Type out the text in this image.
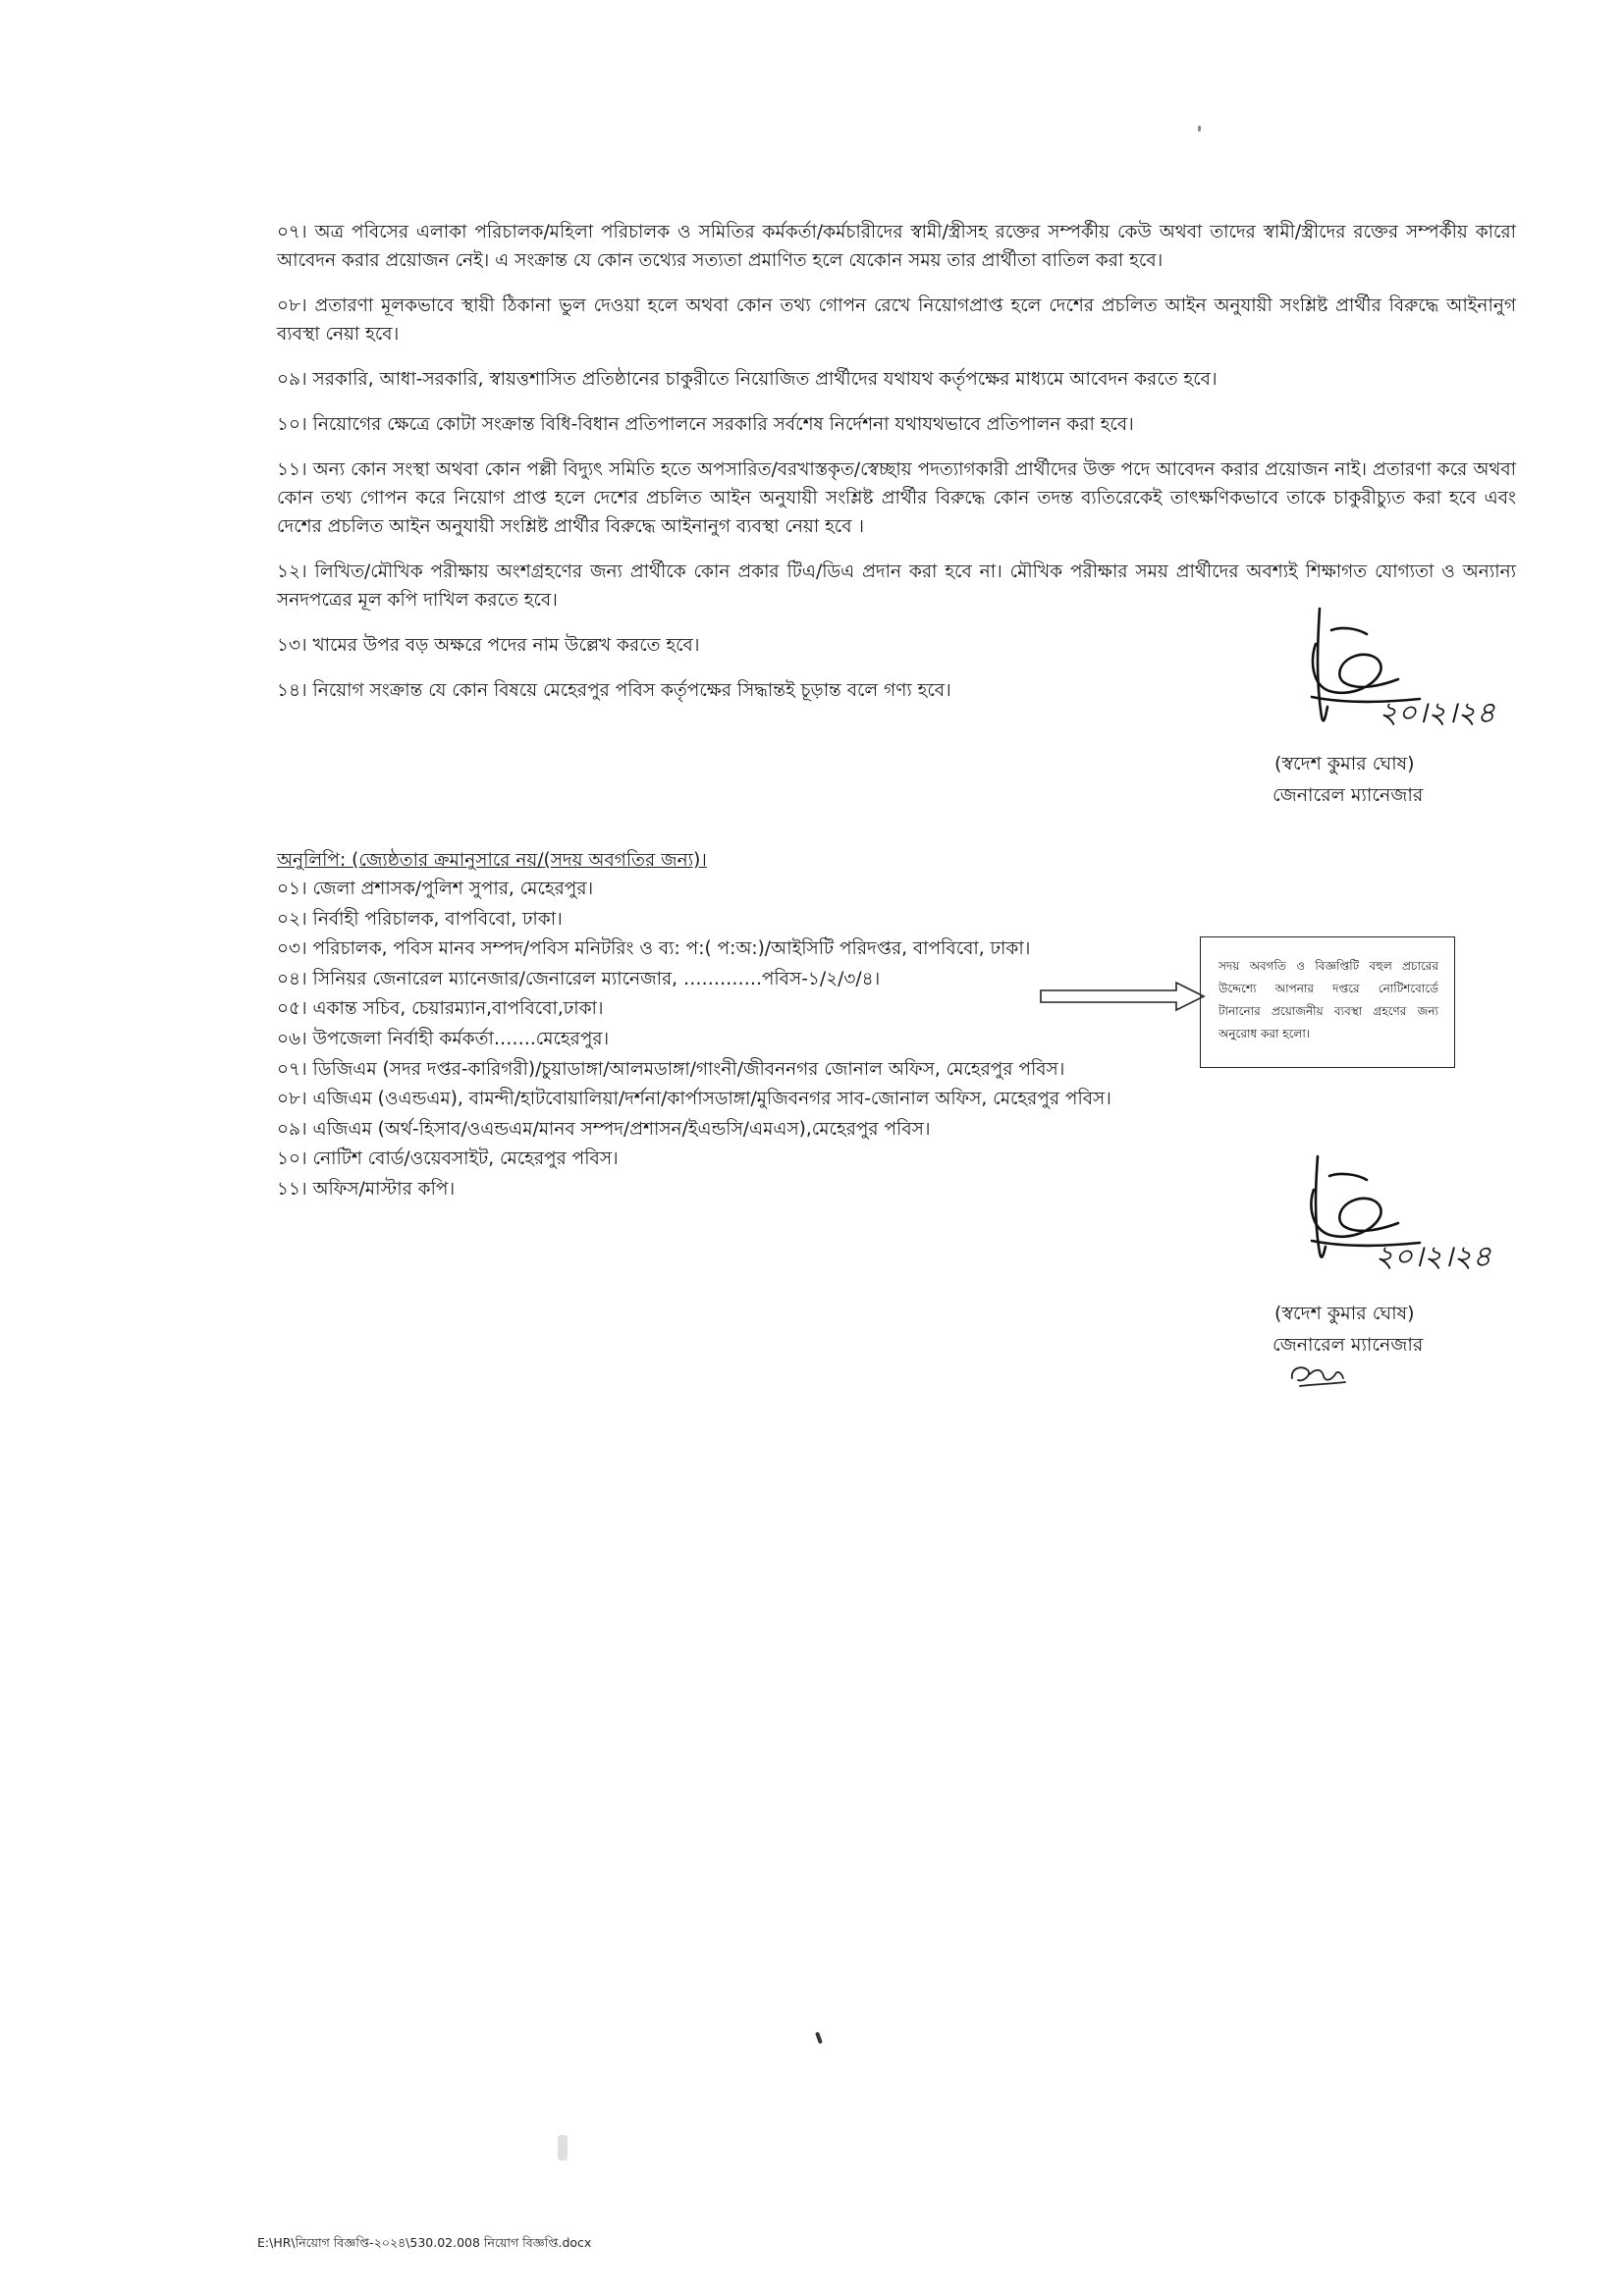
০৭। অত্র পবিসের এলাকা পরিচালক/মহিলা পরিচালক ও সমিতির কর্মকর্তা/কর্মচারীদের স্বামী/স্ত্রীসহ রক্তের সম্পর্কীয় কেউ অথবা তাদের স্বামী/স্ত্রীদের রক্তের সম্পর্কীয় কারো আবেদন করার প্রয়োজন নেই। এ সংক্রান্ত যে কোন তথ্যের সত্যতা প্রমাণিত হলে যেকোন সময় তার প্রার্থীতা বাতিল করা হবে।
০৮। প্রতারণা মূলকভাবে স্থায়ী ঠিকানা ভুল দেওয়া হলে অথবা কোন তথ্য গোপন রেখে নিয়োগপ্রাপ্ত হলে দেশের প্রচলিত আইন অনুযায়ী সংশ্লিষ্ট প্রার্থীর বিরুদ্ধে আইনানুগ ব্যবস্থা নেয়া হবে।
০৯। সরকারি, আধা-সরকারি, স্বায়ত্তশাসিত প্রতিষ্ঠানের চাকুরীতে নিয়োজিত প্রার্থীদের যথাযথ কর্তৃপক্ষের মাধ্যমে আবেদন করতে হবে।
১০। নিয়োগের ক্ষেত্রে কোটা সংক্রান্ত বিধি-বিধান প্রতিপালনে সরকারি সর্বশেষ নির্দেশনা যথাযথভাবে প্রতিপালন করা হবে।
১১। অন্য কোন সংস্থা অথবা কোন পল্লী বিদ্যুৎ সমিতি হতে অপসারিত/বরখাস্তকৃত/স্বেচ্ছায় পদত্যাগকারী প্রার্থীদের উক্ত পদে আবেদন করার প্রয়োজন নাই। প্রতারণা করে অথবা কোন তথ্য গোপন করে নিয়োগ প্রাপ্ত হলে দেশের প্রচলিত আইন অনুযায়ী সংশ্লিষ্ট প্রার্থীর বিরুদ্ধে কোন তদন্ত ব্যতিরেকেই তাৎক্ষণিকভাবে তাকে চাকুরীচ্যুত করা হবে এবং দেশের প্রচলিত আইন অনুযায়ী সংশ্লিষ্ট প্রার্থীর বিরুদ্ধে আইনানুগ ব্যবস্থা নেয়া হবে ।
১২। লিখিত/মৌখিক পরীক্ষায় অংশগ্রহণের জন্য প্রার্থীকে কোন প্রকার টিএ/ডিএ প্রদান করা হবে না। মৌখিক পরীক্ষার সময় প্রার্থীদের অবশ্যই শিক্ষাগত যোগ্যতা ও অন্যান্য সনদপত্রের মূল কপি দাখিল করতে হবে।
১৩। খামের উপর বড় অক্ষরে পদের নাম উল্লেখ করতে হবে।
১৪। নিয়োগ সংক্রান্ত যে কোন বিষয়ে মেহেরপুর পবিস কর্তৃপক্ষের সিদ্ধান্তই চূড়ান্ত বলে গণ্য হবে।
২০।২।২৪
(স্বদেশ কুমার ঘোষ)
জেনারেল ম্যানেজার
অনুলিপি: (জ্যেষ্ঠতার ক্রমানুসারে নয়/(সদয় অবগতির জন্য)।
০১। জেলা প্রশাসক/পুলিশ সুপার, মেহেরপুর।
০২। নির্বাহী পরিচালক, বাপবিবো, ঢাকা।
০৩। পরিচালক, পবিস মানব সম্পদ/পবিস মনিটরিং ও ব্য: প:( প:অ:)/আইসিটি পরিদপ্তর, বাপবিবো, ঢাকা।
০৪। সিনিয়র জেনারেল ম্যানেজার/জেনারেল ম্যানেজার, ………….পবিস-১/২/৩/৪।
০৫। একান্ত সচিব, চেয়ারম্যান,বাপবিবো,ঢাকা।
০৬। উপজেলা নির্বাহী কর্মকর্তা…….মেহেরপুর।
০৭। ডিজিএম (সদর দপ্তর-কারিগরী)/চুয়াডাঙ্গা/আলমডাঙ্গা/গাংনী/জীবননগর জোনাল অফিস, মেহেরপুর পবিস।
০৮। এজিএম (ওএন্ডএম), বামন্দী/হাটবোয়ালিয়া/দর্শনা/কার্পাসডাঙ্গা/মুজিবনগর সাব-জোনাল অফিস, মেহেরপুর পবিস।
০৯। এজিএম (অর্থ-হিসাব/ওএন্ডএম/মানব সম্পদ/প্রশাসন/ইএন্ডসি/এমএস),মেহেরপুর পবিস।
১০। নোটিশ বোর্ড/ওয়েবসাইট, মেহেরপুর পবিস।
১১। অফিস/মাস্টার কপি।
সদয় অবগতি ও বিজ্ঞপ্তিটি বহুল প্রচারের উদ্দেশ্যে আপনার দপ্তরে নোটিশবোর্ডে টানানোর প্রয়োজনীয় ব্যবস্থা গ্রহণের জন্য অনুরোধ করা হলো।
২০।২।২৪
(স্বদেশ কুমার ঘোষ)
জেনারেল ম্যানেজার
E:\HR\নিয়োগ বিজ্ঞপ্তি-২০২৪\530.02.008 নিয়োগ বিজ্ঞপ্তি.docx
